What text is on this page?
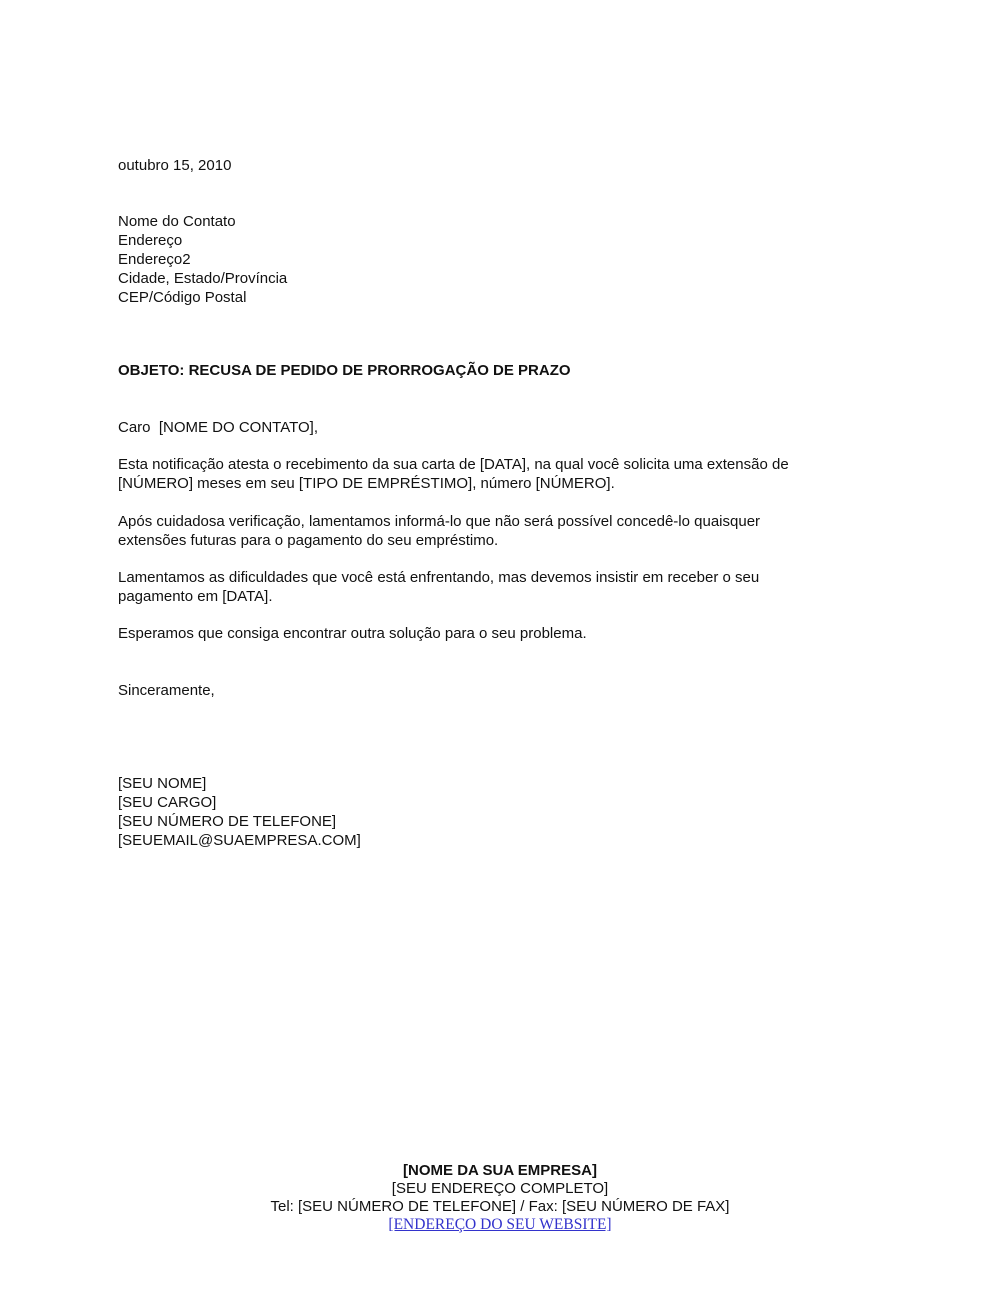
outubro 15, 2010
Nome do Contato
Endereço
Endereço2
Cidade, Estado/Província
CEP/Código Postal
OBJETO: RECUSA DE PEDIDO DE PRORROGAÇÃO DE PRAZO
Caro  [NOME DO CONTATO],
Esta notificação atesta o recebimento da sua carta de [DATA], na qual você solicita uma extensão de
[NÚMERO] meses em seu [TIPO DE EMPRÉSTIMO], número [NÚMERO].
Após cuidadosa verificação, lamentamos informá-lo que não será possível concedê-lo quaisquer
extensões futuras para o pagamento do seu empréstimo.
Lamentamos as dificuldades que você está enfrentando, mas devemos insistir em receber o seu
pagamento em [DATA].
Esperamos que consiga encontrar outra solução para o seu problema.
Sinceramente,
[SEU NOME]
[SEU CARGO]
[SEU NÚMERO DE TELEFONE]
[SEUEMAIL@SUAEMPRESA.COM]
[NOME DA SUA EMPRESA]
[SEU ENDEREÇO COMPLETO]
Tel: [SEU NÚMERO DE TELEFONE] / Fax: [SEU NÚMERO DE FAX]
[ENDEREÇO DO SEU WEBSITE]
